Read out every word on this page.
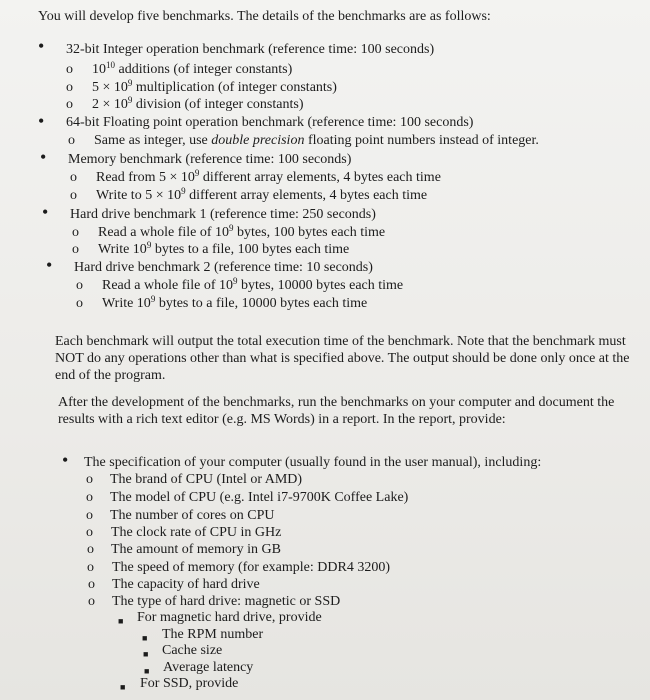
You will develop five benchmarks. The details of the benchmarks are as follows:
• 32-bit Integer operation benchmark (reference time: 100 seconds)
o $10^{10}$ additions (of integer constants)
o $5 \times 10^9$ multiplication (of integer constants)
o $2 \times 10^9$ division (of integer constants)
• 64-bit Floating point operation benchmark (reference time: 100 seconds)
o Same as integer, use double precision floating point numbers instead of integer.
• Memory benchmark (reference time: 100 seconds)
o Read from $5 \times 10^9$ different array elements, 4 bytes each time
o Write to $5 \times 10^9$ different array elements, 4 bytes each time
• Hard drive benchmark 1 (reference time: 250 seconds)
o Read a whole file of $10^9$ bytes, 100 bytes each time
o Write $10^9$ bytes to a file, 100 bytes each time
• Hard drive benchmark 2 (reference time: 10 seconds)
o Read a whole file of $10^9$ bytes, 10000 bytes each time
o Write $10^9$ bytes to a file, 10000 bytes each time
Each benchmark will output the total execution time of the benchmark. Note that the benchmark must NOT do any operations other than what is specified above. The output should be done only once at the end of the program.
After the development of the benchmarks, run the benchmarks on your computer and document the results with a rich text editor (e.g. MS Words) in a report. In the report, provide:
• The specification of your computer (usually found in the user manual), including:
o The brand of CPU (Intel or AMD)
o The model of CPU (e.g. Intel i7-9700K Coffee Lake)
o The number of cores on CPU
o The clock rate of CPU in GHz
o The amount of memory in GB
o The speed of memory (for example: DDR4 3200)
o The capacity of hard drive
o The type of hard drive: magnetic or SSD
■ For magnetic hard drive, provide
■ The RPM number
■ Cache size
■ Average latency
■ For SSD, provide
